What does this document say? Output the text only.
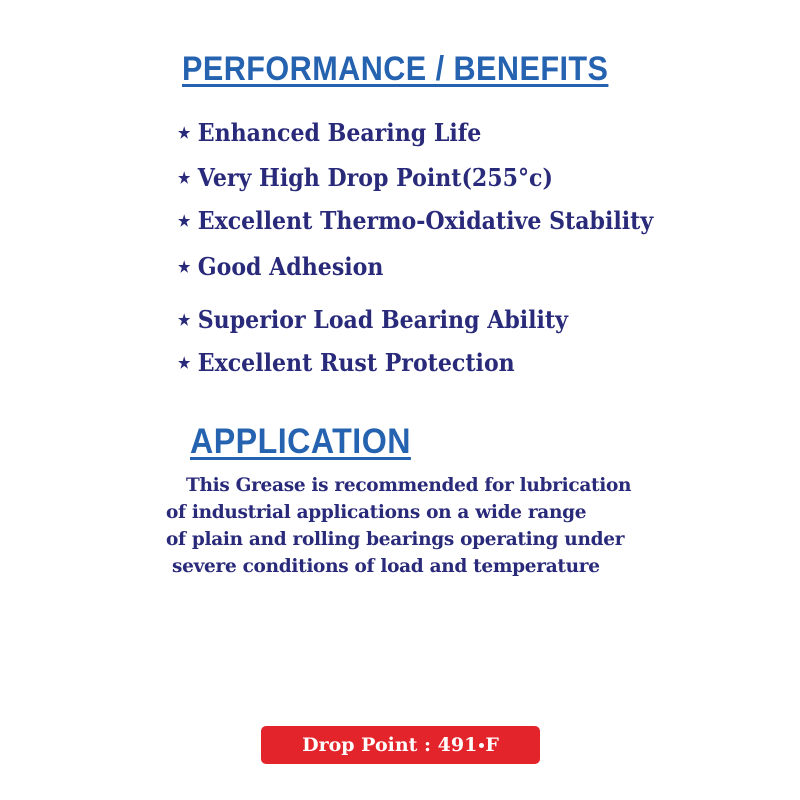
PERFORMANCE / BENEFITS
★ Enhanced Bearing Life
★ Very High Drop Point(255°c)
★ Excellent Thermo-Oxidative Stability
★ Good Adhesion
★ Superior Load Bearing Ability
★ Excellent Rust Protection
APPLICATION

This Grease is recommended for lubrication
of industrial applications on a wide range
of plain and rolling bearings operating under
severe conditions of load and temperature

Drop Point : 491 F
